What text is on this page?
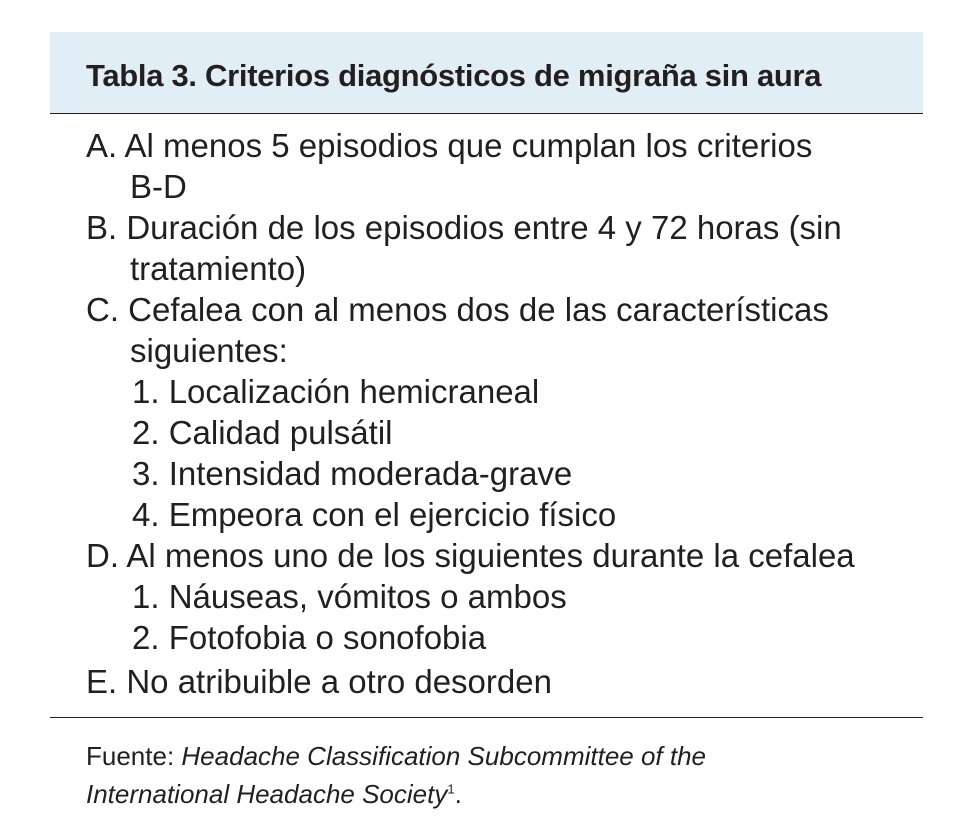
Tabla 3. Criterios diagnósticos de migraña sin aura
A. Al menos 5 episodios que cumplan los criterios
B-D
B. Duración de los episodios entre 4 y 72 horas (sin
tratamiento)
C. Cefalea con al menos dos de las características
siguientes:
1. Localización hemicraneal
2. Calidad pulsátil
3. Intensidad moderada-grave
4. Empeora con el ejercicio físico
D. Al menos uno de los siguientes durante la cefalea
1. Náuseas, vómitos o ambos
2. Fotofobia o sonofobia
E. No atribuible a otro desorden
Fuente: Headache Classification Subcommittee of the
International Headache Society$^1$.
